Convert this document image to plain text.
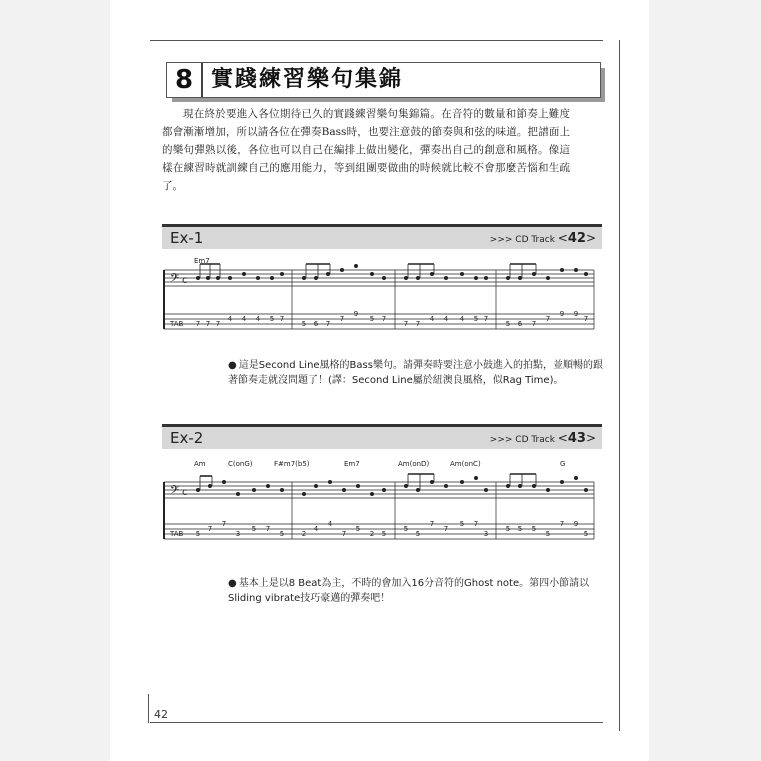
8 實踐練習樂句集錦

現在終於要進入各位期待已久的實踐練習樂句集錦篇。在音符的數量和節奏上難度都會漸漸增加，所以請各位在彈奏Bass時，也要注意鼓的節奏與和弦的味道。把譜面上的樂句彈熟以後，各位也可以自己在編排上做出變化，彈奏出自己的創意和風格。像這樣在練習時就訓練自己的應用能力，等到組團要做曲的時候就比較不會那麼苦惱和生疏了。

Ex-1	>>> CD Track <42>
𝄢 c
TAB
Em7
7 7 7
4 4 4 5 7
5 6 7
7
9
5 7
7 7
4 4 4 5 7
5 6 7
7
9 9
7

● 這是Second Line風格的Bass樂句。請彈奏時要注意小鼓進入的拍點，並順暢的跟著節奏走就沒問題了！(譯：Second Line屬於紐澳良風格，似Rag Time)。

Ex-2	>>> CD Track <43>
𝄢 c
TAB
Am	C(onG)	F#m7(b5)	Em7	Am(onD)	Am(onC)	G
5
7
7
3
5 7
5	2
4
4
7
5
2 5
5
5
7
7
5 7
3
5 5 5
5
7 9
5

● 基本上是以8 Beat為主，不時的會加入16分音符的Ghost note。第四小節請以Sliding vibrate技巧豪邁的彈奏吧！

42
